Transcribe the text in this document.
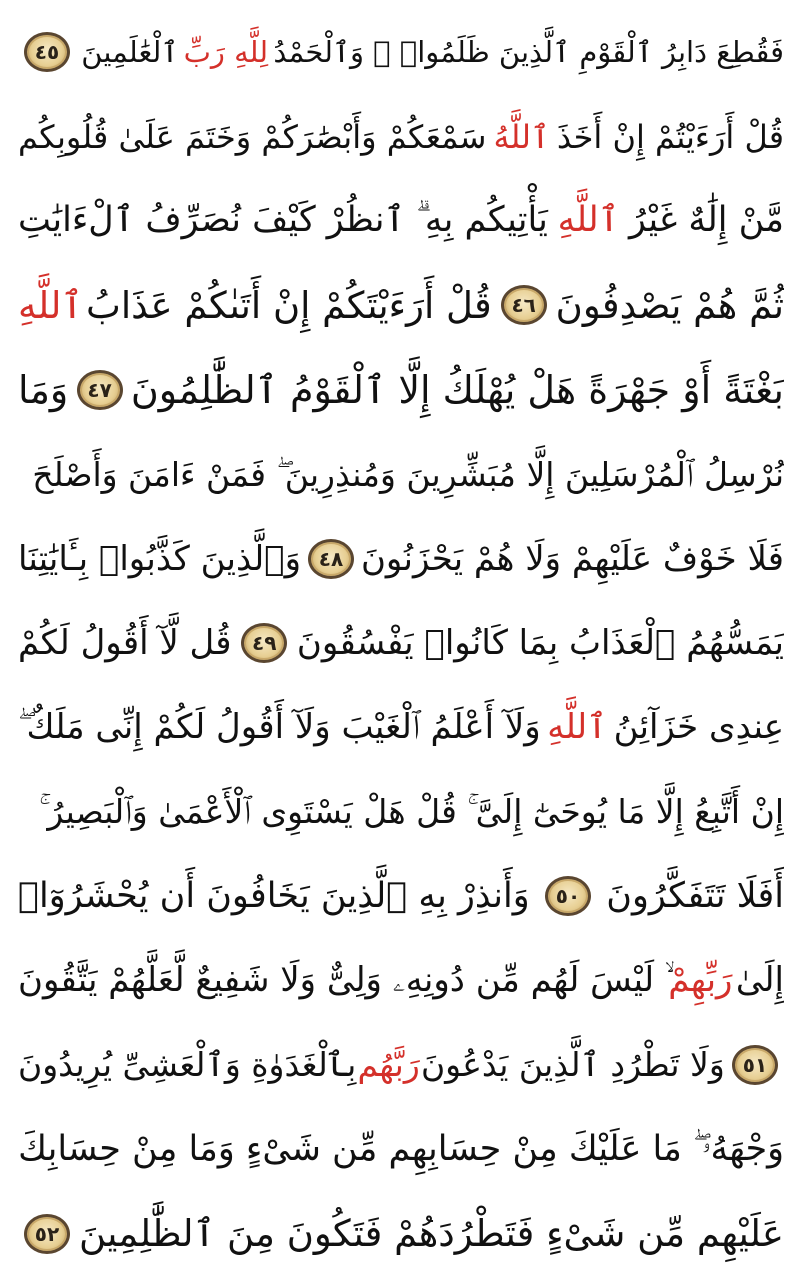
فَقُطِعَ دَابِرُ ٱلْقَوْمِ ٱلَّذِينَ ظَلَمُوا۟ ۚ وَٱلْحَمْدُ
لِلَّهِ رَبِّ
ٱلْعَٰلَمِينَ
٤٥
قُلْ أَرَءَيْتُمْ إِنْ أَخَذَ
ٱللَّهُ
سَمْعَكُمْ وَأَبْصَٰرَكُمْ وَخَتَمَ عَلَىٰ قُلُوبِكُم
مَّنْ إِلَٰهٌ غَيْرُ
ٱللَّهِ
يَأْتِيكُم بِهِ ۗ ٱنظُرْ كَيْفَ نُصَرِّفُ ٱلْءَايَٰتِ
ثُمَّ هُمْ يَصْدِفُونَ
٤٦
قُلْ أَرَءَيْتَكُمْ إِنْ أَتَىٰكُمْ عَذَابُ
ٱللَّهِ
بَغْتَةً أَوْ جَهْرَةً هَلْ يُهْلَكُ إِلَّا ٱلْقَوْمُ ٱلظَّٰلِمُونَ
٤٧
وَمَا
نُرْسِلُ ٱلْمُرْسَلِينَ إِلَّا مُبَشِّرِينَ وَمُنذِرِينَ ۖ فَمَنْ ءَامَنَ وَأَصْلَحَ
فَلَا خَوْفٌ عَلَيْهِمْ وَلَا هُمْ يَحْزَنُونَ
٤٨
وَٱلَّذِينَ كَذَّبُوا۟ بِـَٔايَٰتِنَا
يَمَسُّهُمُ ٱلْعَذَابُ بِمَا كَانُوا۟ يَفْسُقُونَ
٤٩
قُل لَّآ أَقُولُ لَكُمْ
عِندِى خَزَآئِنُ
ٱللَّهِ
وَلَآ أَعْلَمُ ٱلْغَيْبَ وَلَآ أَقُولُ لَكُمْ إِنِّى مَلَكٌ ۖ
إِنْ أَتَّبِعُ إِلَّا مَا يُوحَىٰٓ إِلَىَّ ۚ قُلْ هَلْ يَسْتَوِى ٱلْأَعْمَىٰ وَٱلْبَصِيرُ ۚ
أَفَلَا تَتَفَكَّرُونَ
٥٠
وَأَنذِرْ بِهِ ٱلَّذِينَ يَخَافُونَ أَن يُحْشَرُوٓا۟
إِلَىٰ
رَبِّهِمْ
ۙ لَيْسَ لَهُم مِّن دُونِهِۦ وَلِىٌّ وَلَا شَفِيعٌ لَّعَلَّهُمْ يَتَّقُونَ
٥١
وَلَا تَطْرُدِ ٱلَّذِينَ يَدْعُونَ
رَبَّهُم
بِٱلْغَدَوٰةِ وَٱلْعَشِىِّ يُرِيدُونَ
وَجْهَهُۥ ۖ مَا عَلَيْكَ مِنْ حِسَابِهِم مِّن شَىْءٍ وَمَا مِنْ حِسَابِكَ
عَلَيْهِم مِّن شَىْءٍ فَتَطْرُدَهُمْ فَتَكُونَ مِنَ ٱلظَّٰلِمِينَ
٥٢
